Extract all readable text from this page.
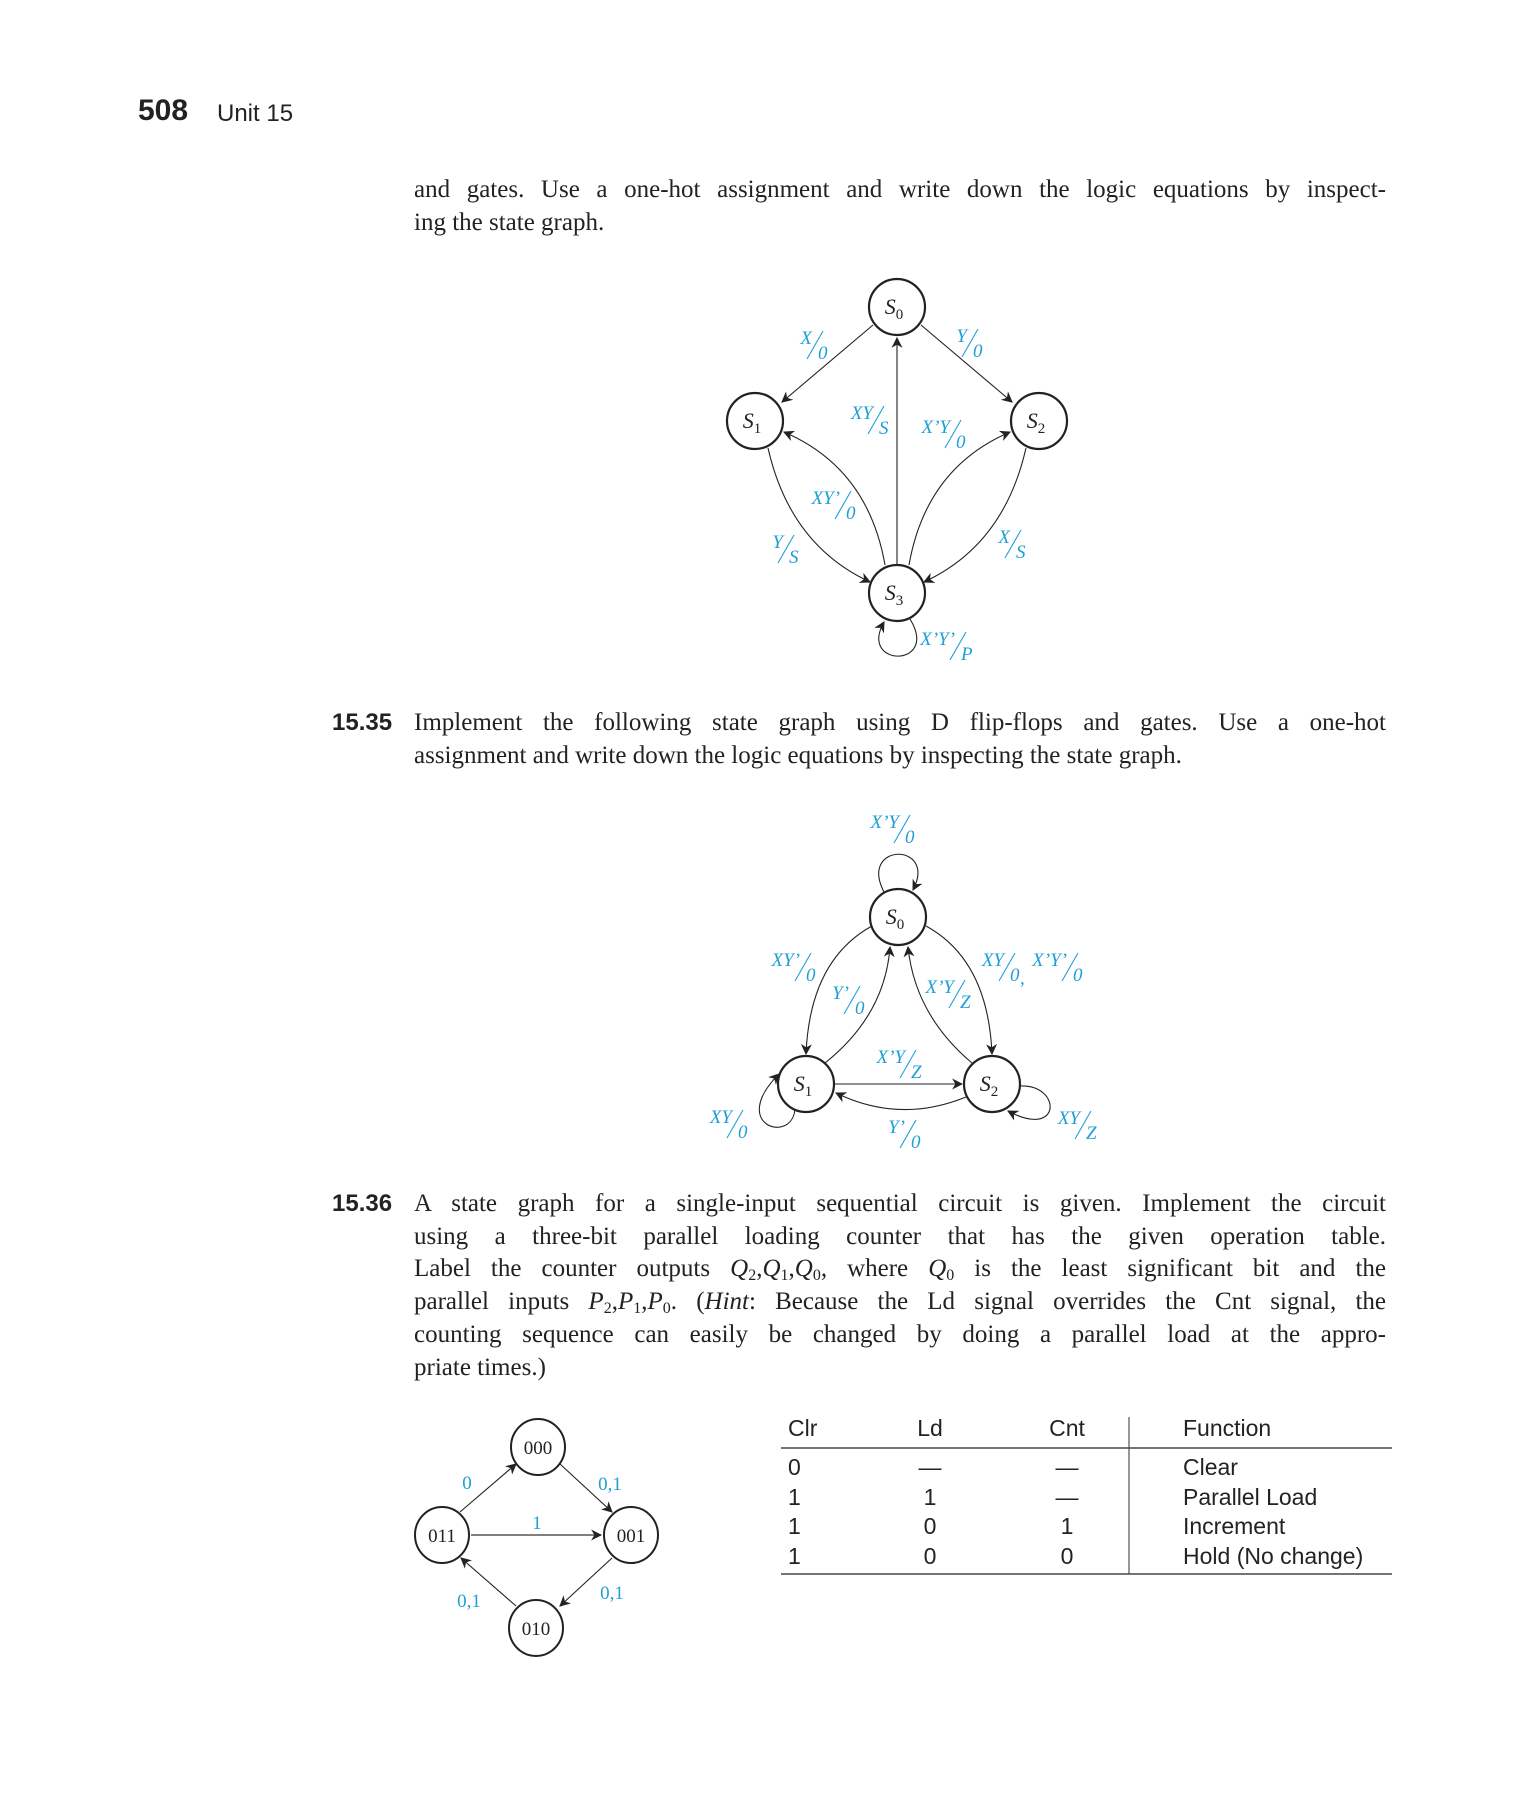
508 Unit 15
and gates. Use a one-hot assignment and write down the logic equations by inspect-
ing the state graph.
15.35 Implement the following state graph using D flip-flops and gates. Use a one-hot
assignment and write down the logic equations by inspecting the state graph.
15.36 A state graph for a single-input sequential circuit is given. Implement the circuit
using a three-bit parallel loading counter that has the given operation table.
Label the counter outputs $Q_2,Q_1,Q_0$, where $Q_0$ is the least significant bit and the
parallel inputs $P_2,P_1,P_0$. (Hint: Because the Ld signal overrides the Cnt signal, the
counting sequence can easily be changed by doing a parallel load at the appro-
priate times.)
$S_0$
$S_1$	$S_2$
$S_3$
X
0
Y
0
XY
S X’Y
0
XY’
0
Y
S
X
S
X’Y’
P
$S_0$
$S_1$	$S_2$
X’Y
0
XY’
0
Y’
0
X’Y
Z
XY
0
X’Y’
0
X’Y
Z
XY
0	Y’
0
XY
Z
,
000
011	001
010
0	0,1
1
0,1
0,1
Clr	Ld	Cnt	Function
0	—	—	Clear
1	1	—	Parallel Load
1	0	1	Increment
1	0	0	Hold (No change)
